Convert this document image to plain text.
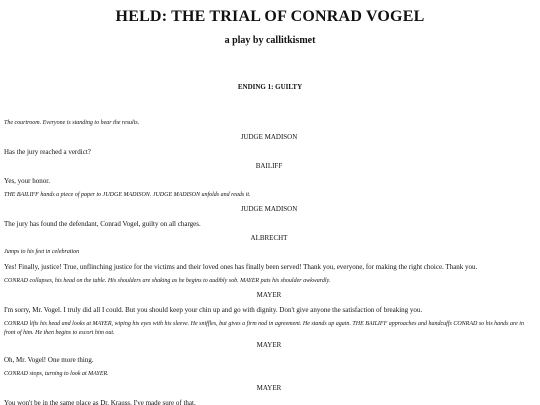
HELD: THE TRIAL OF CONRAD VOGEL

a play by callitkismet

ENDING 1: GUILTY

The courtroom. Everyone is standing to hear the results.
JUDGE MADISON
Has the jury reached a verdict?
BAILIFF
Yes, your honor.
THE BAILIFF hands a piece of paper to JUDGE MADISON. JUDGE MADISON unfolds and reads it.
JUDGE MADISON
The jury has found the defendant, Conrad Vogel, guilty on all charges.
ALBRECHT
Jumps to his feet in celebration
Yes! Finally, justice! True, unflinching justice for the victims and their loved ones has finally been served! Thank you, everyone, for making the right choice. Thank you.
CONRAD collapses, his head on the table. His shoulders are shaking as he begins to audibly sob. MAYER pats his shoulder awkwardly.
MAYER
I'm sorry, Mr. Vogel. I truly did all I could. But you should keep your chin up and go with dignity. Don't give anyone the satisfaction of breaking you.
CONRAD lifts his head and looks at MAYER, wiping his eyes with his sleeve. He sniffles, but gives a firm nod in agreement. He stands up again. THE BAILIFF approaches and handcuffs CONRAD so his hands are in front of him. He then begins to escort him out.
MAYER
Oh, Mr. Vogel! One more thing.
CONRAD stops, turning to look at MAYER.
MAYER
You won't be in the same place as Dr. Krauss. I've made sure of that.
